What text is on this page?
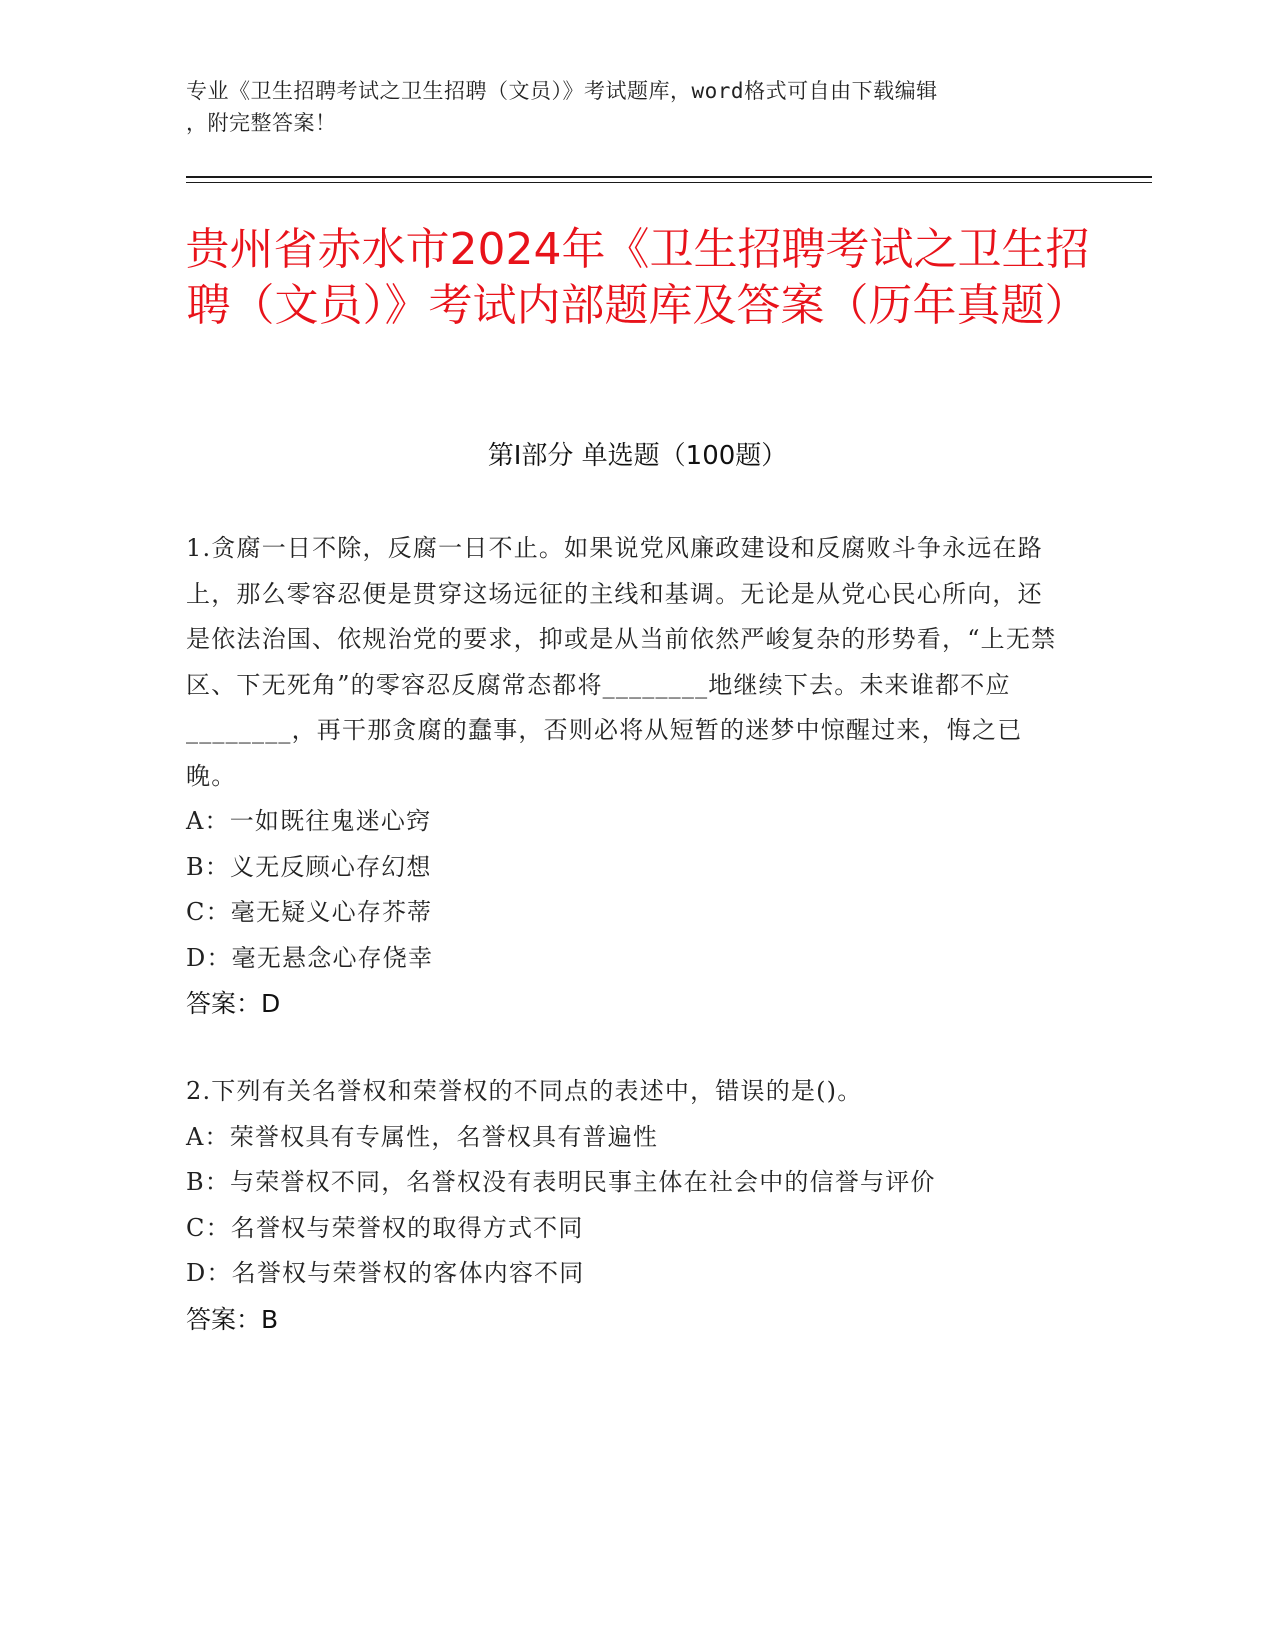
专业《卫生招聘考试之卫生招聘（文员）》考试题库，word格式可自由下载编辑
，附完整答案！
贵州省赤水市2024年《卫生招聘考试之卫生招聘（文员）》考试内部题库及答案（历年真题）
第I部分 单选题（100题）
1.贪腐一日不除，反腐一日不止。如果说党风廉政建设和反腐败斗争永远在路上，那么零容忍便是贯穿这场远征的主线和基调。无论是从党心民心所向，还是依法治国、依规治党的要求，抑或是从当前依然严峻复杂的形势看，“上无禁区、下无死角”的零容忍反腐常态都将________地继续下去。未来谁都不应________，再干那贪腐的蠢事，否则必将从短暂的迷梦中惊醒过来，悔之已晚。
A：一如既往鬼迷心窍
B：义无反顾心存幻想
C：毫无疑义心存芥蒂
D：毫无悬念心存侥幸
答案：D
2.下列有关名誉权和荣誉权的不同点的表述中，错误的是()。
A：荣誉权具有专属性，名誉权具有普遍性
B：与荣誉权不同，名誉权没有表明民事主体在社会中的信誉与评价
C：名誉权与荣誉权的取得方式不同
D：名誉权与荣誉权的客体内容不同
答案：B
